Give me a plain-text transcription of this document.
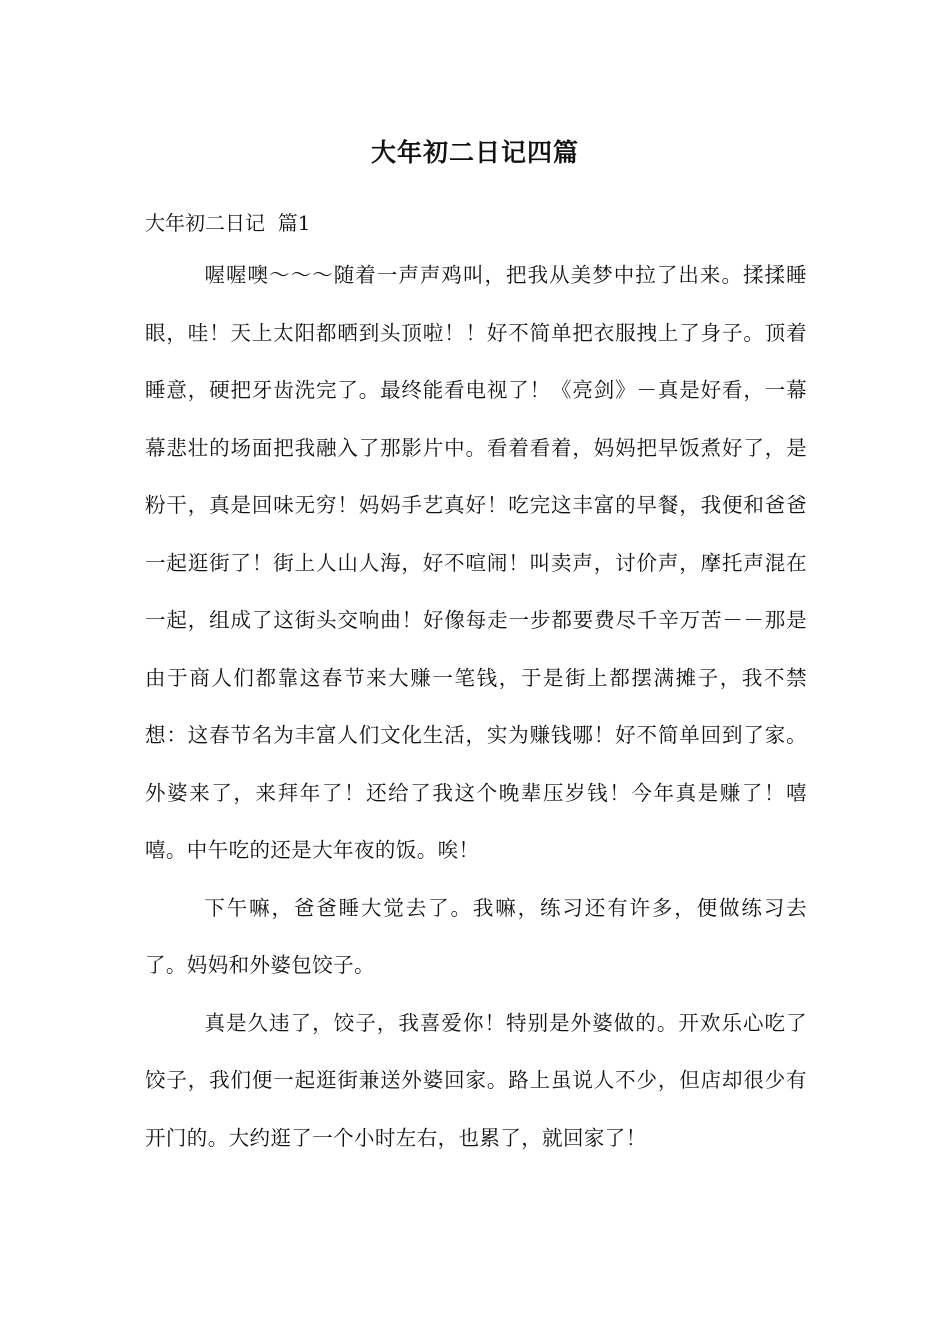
大年初二日记四篇
大年初二日记  篇1

喔喔噢～～～随着一声声鸡叫，把我从美梦中拉了出来。揉揉睡眼，哇！天上太阳都晒到头顶啦！！好不简单把衣服拽上了身子。顶着睡意，硬把牙齿洗完了。最终能看电视了！《亮剑》－真是好看，一幕幕悲壮的场面把我融入了那影片中。看着看着，妈妈把早饭煮好了，是粉干，真是回味无穷！妈妈手艺真好！吃完这丰富的早餐，我便和爸爸一起逛街了！街上人山人海，好不喧闹！叫卖声，讨价声，摩托声混在一起，组成了这街头交响曲！好像每走一步都要费尽千辛万苦－－那是由于商人们都靠这春节来大赚一笔钱，于是街上都摆满摊子，我不禁想：这春节名为丰富人们文化生活，实为赚钱哪！好不简单回到了家。外婆来了，来拜年了！还给了我这个晚辈压岁钱！今年真是赚了！嘻嘻。中午吃的还是大年夜的饭。唉！

下午嘛，爸爸睡大觉去了。我嘛，练习还有许多，便做练习去了。妈妈和外婆包饺子。

真是久违了，饺子，我喜爱你！特别是外婆做的。开欢乐心吃了饺子，我们便一起逛街兼送外婆回家。路上虽说人不少，但店却很少有开门的。大约逛了一个小时左右，也累了，就回家了！
